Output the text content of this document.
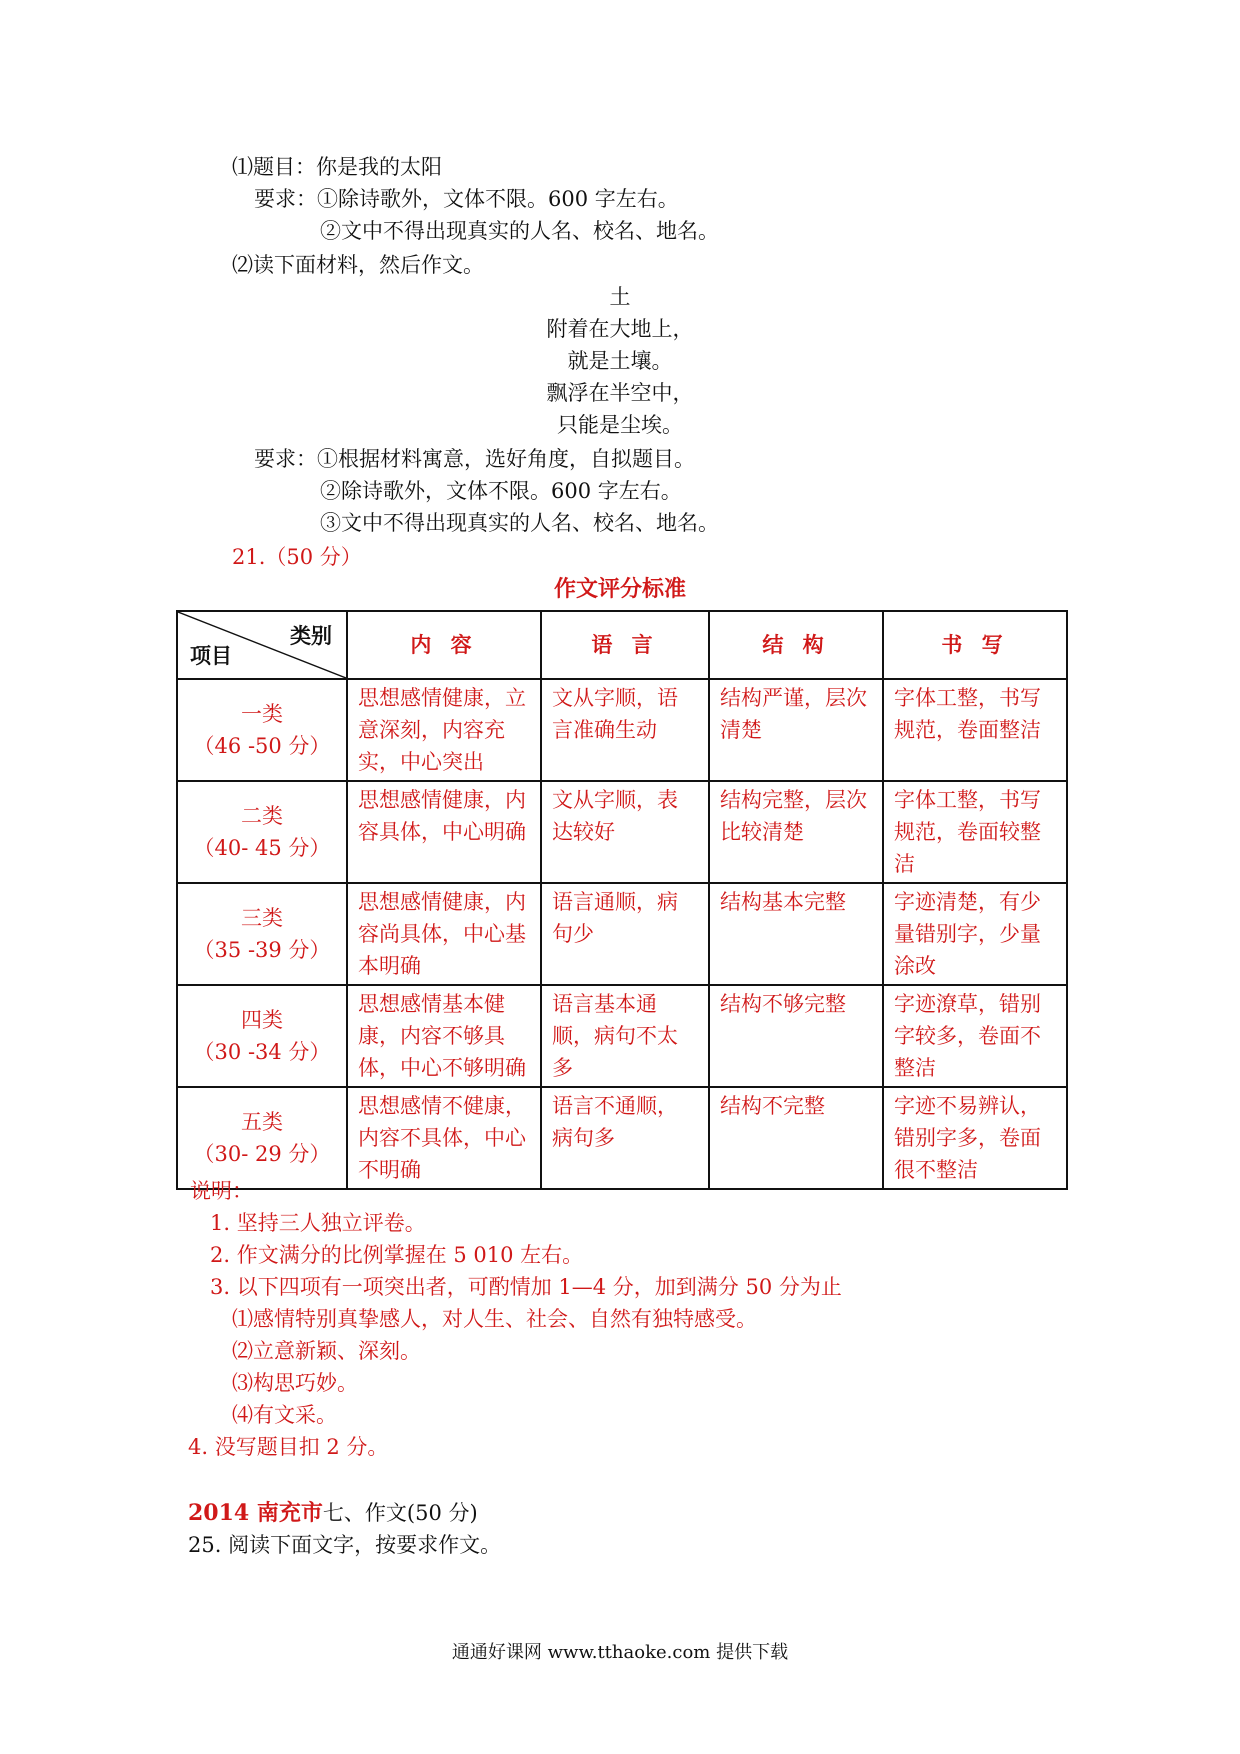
⑴题目：你是我的太阳
要求：①除诗歌外，文体不限。600 字左右。
②文中不得出现真实的人名、校名、地名。
⑵读下面材料，然后作文。
土
附着在大地上，
就是土壤。
飘浮在半空中，
只能是尘埃。
要求：①根据材料寓意，选好角度，自拟题目。
②除诗歌外，文体不限。600 字左右。
③文中不得出现真实的人名、校名、地名。
21.（50 分）
作文评分标准
类别
项目	内 容	语 言	结 构	书 写

一类
（46 -50 分）	思想感情健康，立意深刻，内容充实，中心突出	文从字顺，语言准确生动	结构严谨，层次清楚	字体工整，书写规范，卷面整洁

二类
（40- 45 分）	思想感情健康，内容具体，中心明确	文从字顺，表达较好	结构完整，层次比较清楚	字体工整，书写规范，卷面较整洁

三类
（35 -39 分）	思想感情健康，内容尚具体，中心基本明确	语言通顺，病句少	结构基本完整	字迹清楚，有少量错别字，少量涂改

四类
（30 -34 分）	思想感情基本健康，内容不够具体，中心不够明确	语言基本通顺，病句不太多	结构不够完整	字迹潦草，错别字较多，卷面不整洁

五类
（30- 29 分）	思想感情不健康，内容不具体，中心不明确	语言不通顺，病句多	结构不完整	字迹不易辨认，错别字多，卷面很不整洁
说明：
1. 坚持三人独立评卷。
2. 作文满分的比例掌握在 5 010 左右。
3. 以下四项有一项突出者，可酌情加 1—4 分，加到满分 50 分为止
⑴感情特别真挚感人，对人生、社会、自然有独特感受。
⑵立意新颖、深刻。
⑶构思巧妙。
⑷有文采。
4. 没写题目扣 2 分。
2014 南充市七、作文(50 分)
25. 阅读下面文字，按要求作文。
通通好课网 www.tthaoke.com 提供下载
